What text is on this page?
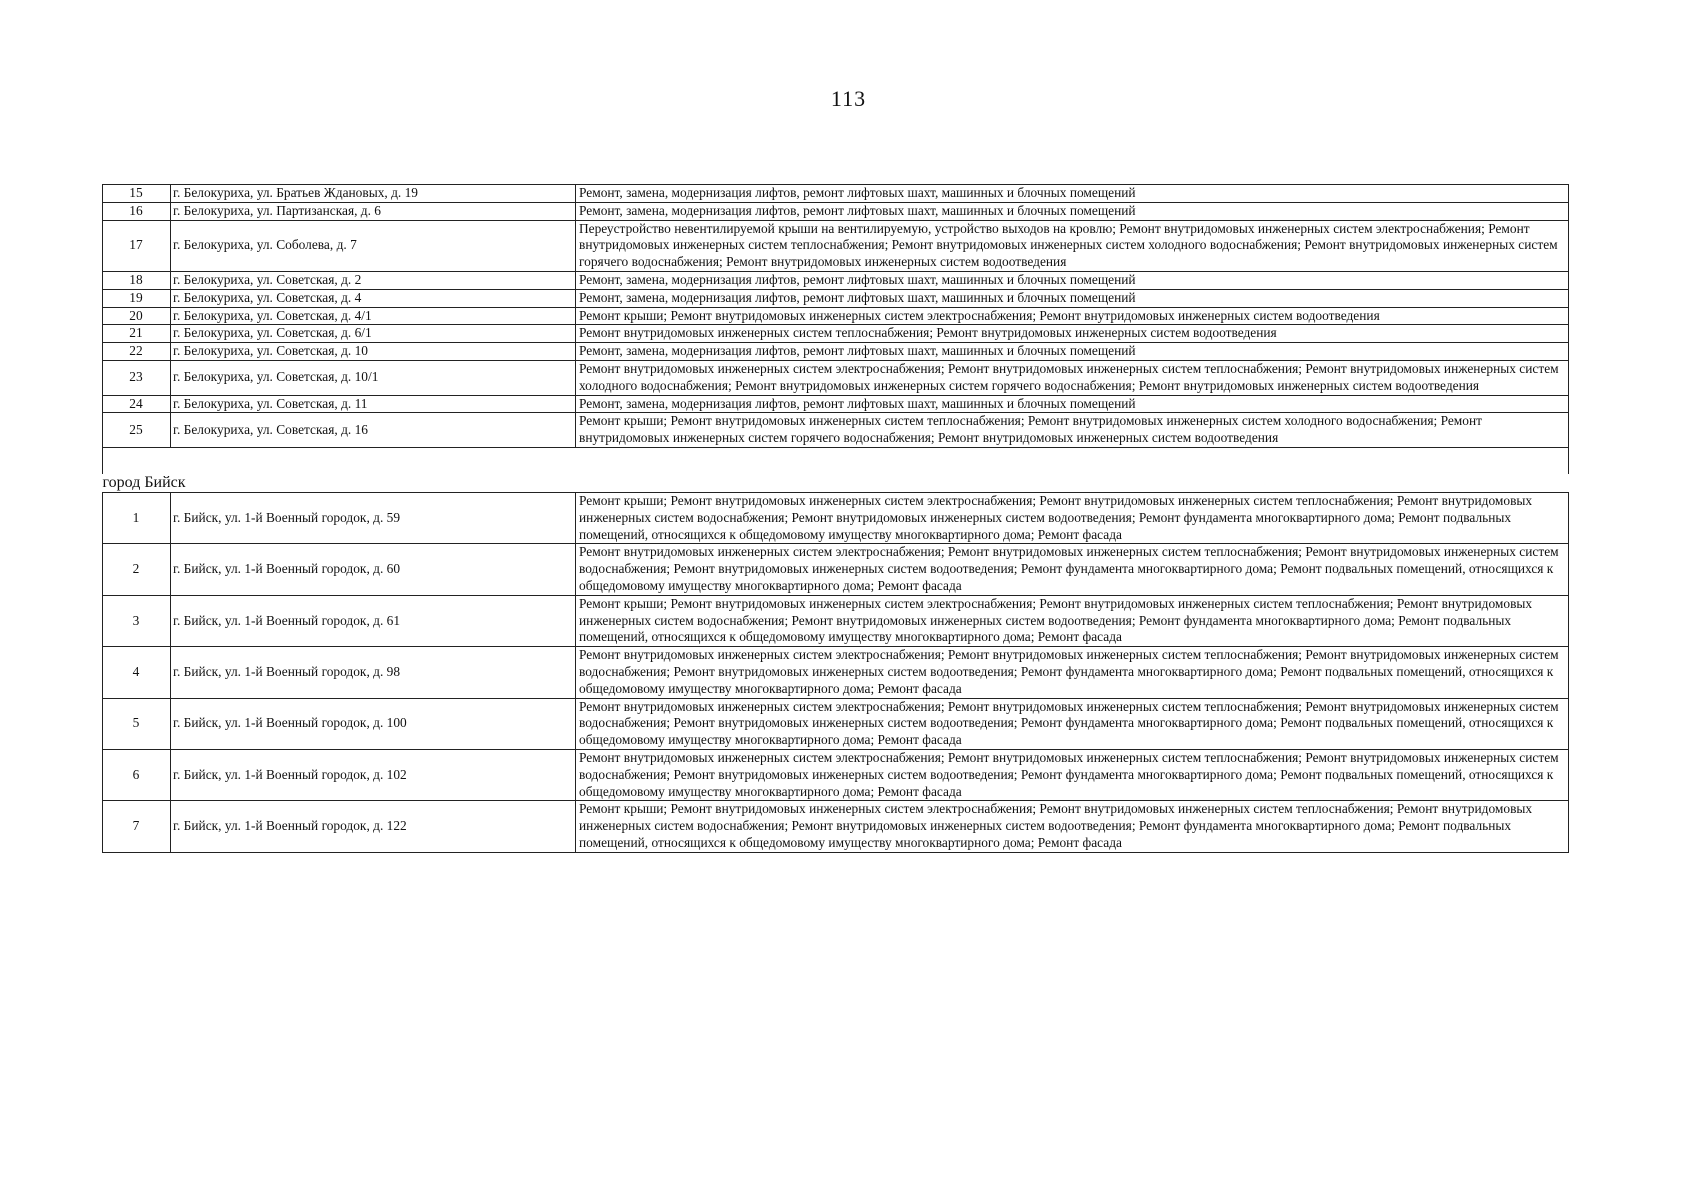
113
15	г. Белокуриха, ул. Братьев Ждановых, д. 19	Ремонт, замена, модернизация лифтов, ремонт лифтовых шахт, машинных и блочных помещений
16	г. Белокуриха, ул. Партизанская, д. 6	Ремонт, замена, модернизация лифтов, ремонт лифтовых шахт, машинных и блочных помещений
17	г. Белокуриха, ул. Соболева, д. 7	Переустройство невентилируемой крыши на вентилируемую, устройство выходов на кровлю; Ремонт внутридомовых инженерных систем электроснабжения; Ремонт внутридомовых инженерных систем теплоснабжения; Ремонт внутридомовых инженерных систем холодного водоснабжения; Ремонт внутридомовых инженерных систем горячего водоснабжения; Ремонт внутридомовых инженерных систем водоотведения
18	г. Белокуриха, ул. Советская, д. 2	Ремонт, замена, модернизация лифтов, ремонт лифтовых шахт, машинных и блочных помещений
19	г. Белокуриха, ул. Советская, д. 4	Ремонт, замена, модернизация лифтов, ремонт лифтовых шахт, машинных и блочных помещений
20	г. Белокуриха, ул. Советская, д. 4/1	Ремонт крыши; Ремонт внутридомовых инженерных систем электроснабжения; Ремонт внутридомовых инженерных систем водоотведения
21	г. Белокуриха, ул. Советская, д. 6/1	Ремонт внутридомовых инженерных систем теплоснабжения; Ремонт внутридомовых инженерных систем водоотведения
22	г. Белокуриха, ул. Советская, д. 10	Ремонт, замена, модернизация лифтов, ремонт лифтовых шахт, машинных и блочных помещений
23	г. Белокуриха, ул. Советская, д. 10/1	Ремонт внутридомовых инженерных систем электроснабжения; Ремонт внутридомовых инженерных систем теплоснабжения; Ремонт внутридомовых инженерных систем холодного водоснабжения; Ремонт внутридомовых инженерных систем горячего водоснабжения; Ремонт внутридомовых инженерных систем водоотведения
24	г. Белокуриха, ул. Советская, д. 11	Ремонт, замена, модернизация лифтов, ремонт лифтовых шахт, машинных и блочных помещений
25	г. Белокуриха, ул. Советская, д. 16	Ремонт крыши; Ремонт внутридомовых инженерных систем теплоснабжения; Ремонт внутридомовых инженерных систем холодного водоснабжения; Ремонт внутридомовых инженерных систем горячего водоснабжения; Ремонт внутридомовых инженерных систем водоотведения

город Бийск		
1	г. Бийск, ул. 1-й Военный городок, д. 59	Ремонт крыши; Ремонт внутридомовых инженерных систем электроснабжения; Ремонт внутридомовых инженерных систем теплоснабжения; Ремонт внутридомовых инженерных систем водоснабжения; Ремонт внутридомовых инженерных систем водоотведения; Ремонт фундамента многоквартирного дома; Ремонт подвальных помещений, относящихся к общедомовому имуществу многоквартирного дома; Ремонт фасада
2	г. Бийск, ул. 1-й Военный городок, д. 60	Ремонт внутридомовых инженерных систем электроснабжения; Ремонт внутридомовых инженерных систем теплоснабжения; Ремонт внутридомовых инженерных систем водоснабжения; Ремонт внутридомовых инженерных систем водоотведения; Ремонт фундамента многоквартирного дома; Ремонт подвальных помещений, относящихся к общедомовому имуществу многоквартирного дома; Ремонт фасада
3	г. Бийск, ул. 1-й Военный городок, д. 61	Ремонт крыши; Ремонт внутридомовых инженерных систем электроснабжения; Ремонт внутридомовых инженерных систем теплоснабжения; Ремонт внутридомовых инженерных систем водоснабжения; Ремонт внутридомовых инженерных систем водоотведения; Ремонт фундамента многоквартирного дома; Ремонт подвальных помещений, относящихся к общедомовому имуществу многоквартирного дома; Ремонт фасада
4	г. Бийск, ул. 1-й Военный городок, д. 98	Ремонт внутридомовых инженерных систем электроснабжения; Ремонт внутридомовых инженерных систем теплоснабжения; Ремонт внутридомовых инженерных систем водоснабжения; Ремонт внутридомовых инженерных систем водоотведения; Ремонт фундамента многоквартирного дома; Ремонт подвальных помещений, относящихся к общедомовому имуществу многоквартирного дома; Ремонт фасада
5	г. Бийск, ул. 1-й Военный городок, д. 100	Ремонт внутридомовых инженерных систем электроснабжения; Ремонт внутридомовых инженерных систем теплоснабжения; Ремонт внутридомовых инженерных систем водоснабжения; Ремонт внутридомовых инженерных систем водоотведения; Ремонт фундамента многоквартирного дома; Ремонт подвальных помещений, относящихся к общедомовому имуществу многоквартирного дома; Ремонт фасада
6	г. Бийск, ул. 1-й Военный городок, д. 102	Ремонт внутридомовых инженерных систем электроснабжения; Ремонт внутридомовых инженерных систем теплоснабжения; Ремонт внутридомовых инженерных систем водоснабжения; Ремонт внутридомовых инженерных систем водоотведения; Ремонт фундамента многоквартирного дома; Ремонт подвальных помещений, относящихся к общедомовому имуществу многоквартирного дома; Ремонт фасада
7	г. Бийск, ул. 1-й Военный городок, д. 122	Ремонт крыши; Ремонт внутридомовых инженерных систем электроснабжения; Ремонт внутридомовых инженерных систем теплоснабжения; Ремонт внутридомовых инженерных систем водоснабжения; Ремонт внутридомовых инженерных систем водоотведения; Ремонт фундамента многоквартирного дома; Ремонт подвальных помещений, относящихся к общедомовому имуществу многоквартирного дома; Ремонт фасада
